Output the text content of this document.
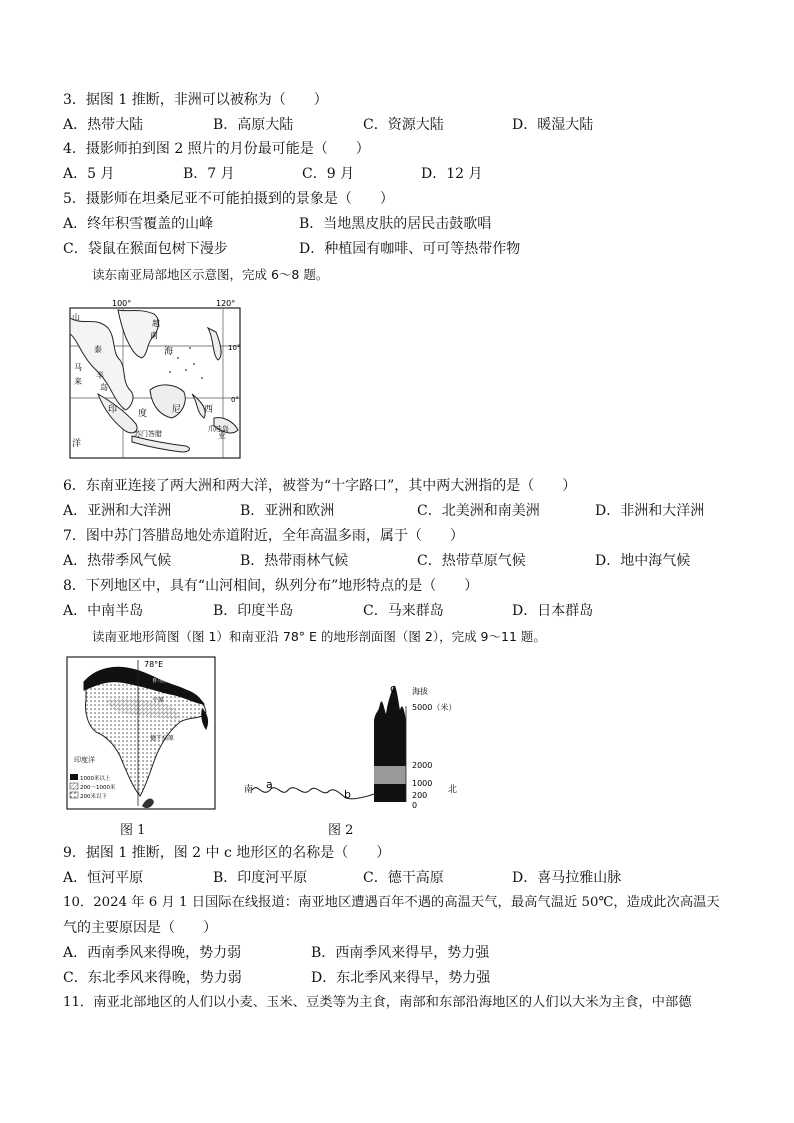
3．据图 1 推断，非洲可以被称为（　　）
A．热带大陆	B．高原大陆	C．资源大陆	D．暖湿大陆
4．摄影师拍到图 2 照片的月份最可能是（　　）
A．5 月	B．7 月	C．9 月	D．12 月
5．摄影师在坦桑尼亚不可能拍摄到的景象是（　　）
A．终年积雪覆盖的山峰	B．当地黑皮肤的居民击鼓歌唱
C．袋鼠在猴面包树下漫步	D．种植园有咖啡、可可等热带作物
读东南亚局部地区示意图，完成 6～8 题。
100°	120°
10°
0°
山
越
南
泰
马
来
半
岛
海
印 度	尼	西
亚
洋
爪哇岛
苏门答腊
6．东南亚连接了两大洲和两大洋，被誉为“十字路口”，其中两大洲指的是（　　）
A．亚洲和大洋洲	B．亚洲和欧洲	C．北美洲和南美洲	D．非洲和大洋洲
7．图中苏门答腊岛地处赤道附近，全年高温多雨，属于（　　）
A．热带季风气候	B．热带雨林气候	C．热带草原气候	D．地中海气候
8．下列地区中，具有“山河相间，纵列分布”地形特点的是（　　）
A．中南半岛	B．印度半岛	C．马来群岛	D．日本群岛
读南亚地形简图（图 1）和南亚沿 78° E 的地形剖面图（图 2），完成 9～11 题。
78°E
喜马拉雅山脉
平原
德干高原
印度洋
1000米以上
200～1000米
200米以下
图 1
南	北
a
b
c 海拔
5000（米）
2000
1000
200
0
图 2
9．据图 1 推断，图 2 中 c 地形区的名称是（　　）
A．恒河平原	B．印度河平原	C．德干高原	D．喜马拉雅山脉
10．2024 年 6 月 1 日国际在线报道：南亚地区遭遇百年不遇的高温天气，最高气温近 50℃，造成此次高温天
气的主要原因是（　　）
A．西南季风来得晚，势力弱	B．西南季风来得早，势力强
C．东北季风来得晚，势力弱	D．东北季风来得早，势力强
11．南亚北部地区的人们以小麦、玉米、豆类等为主食，南部和东部沿海地区的人们以大米为主食，中部德
